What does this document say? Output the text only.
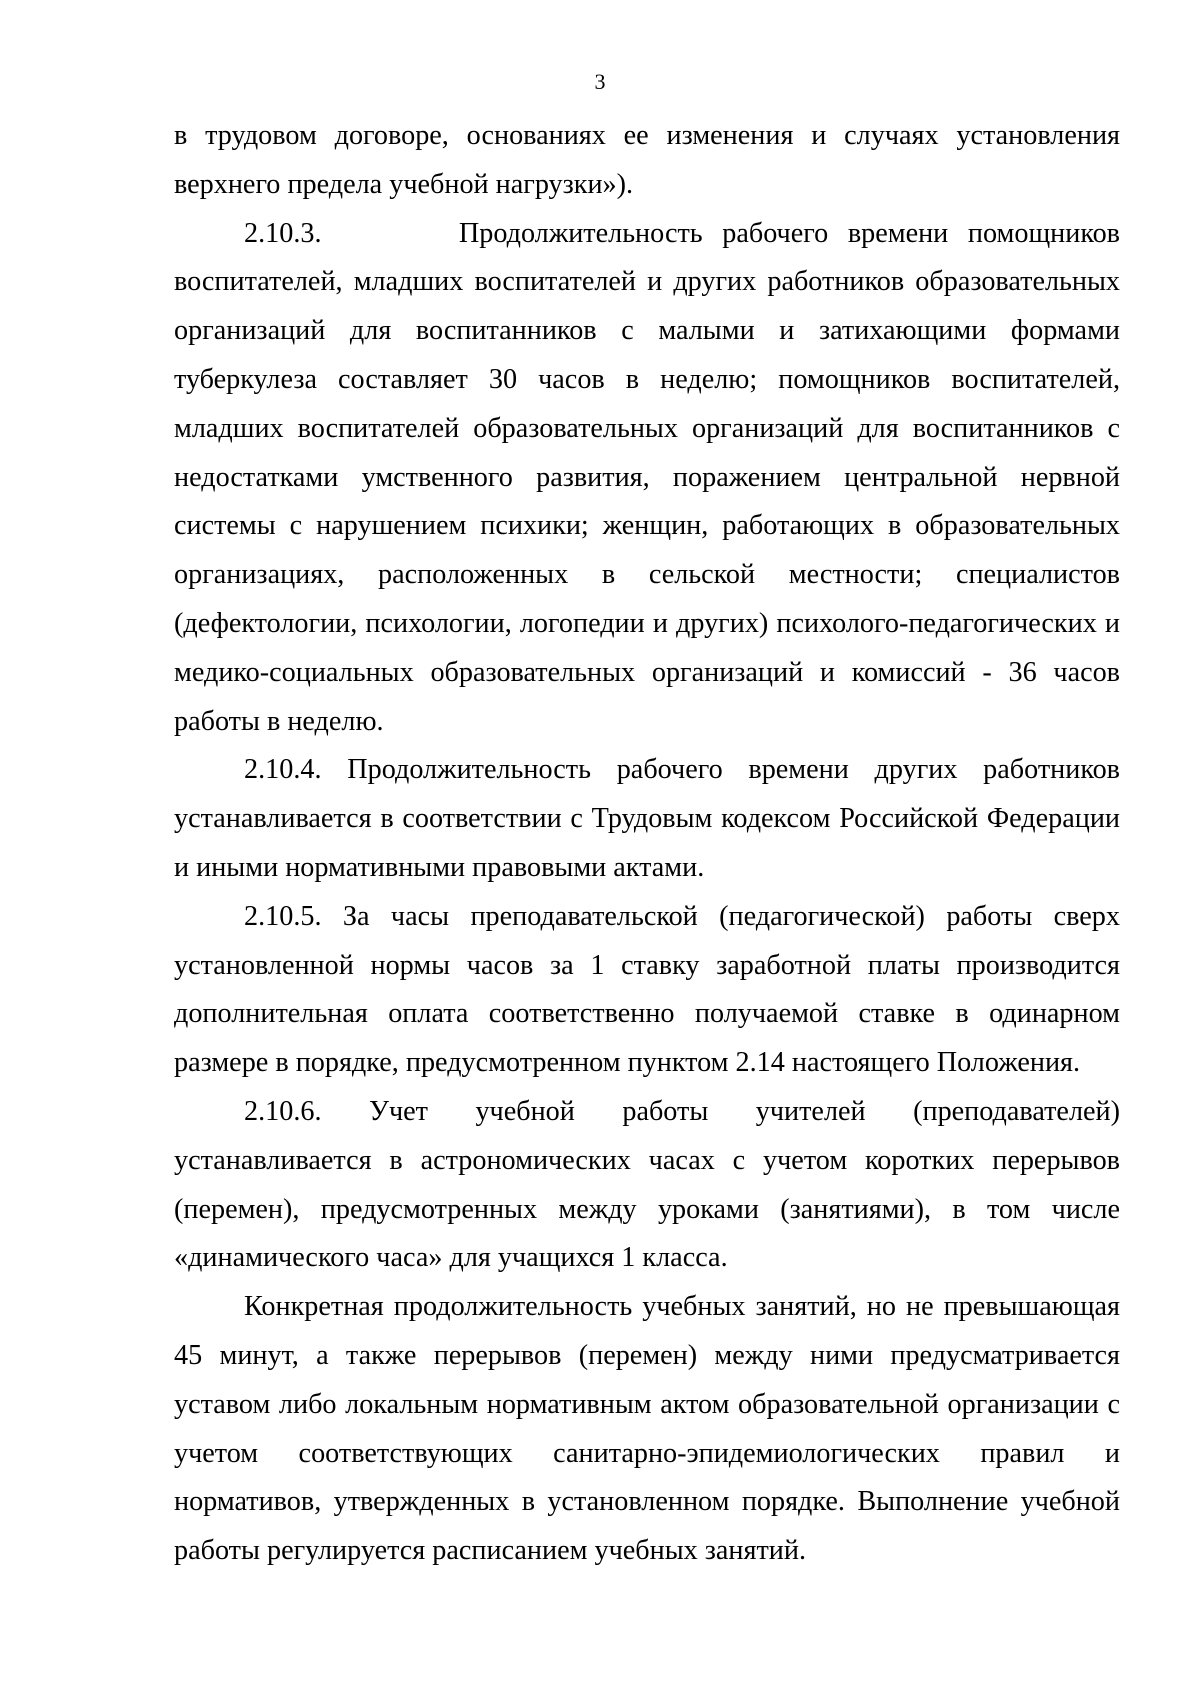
3

в трудовом договоре, основаниях ее изменения и случаях установления верхнего предела учебной нагрузки»).

2.10.3.       Продолжительность рабочего времени помощников воспитателей, младших воспитателей и других работников образовательных организаций для воспитанников с малыми и затихающими формами туберкулеза составляет 30 часов в неделю; помощников воспитателей, младших воспитателей образовательных организаций для воспитанников с недостатками умственного развития, поражением центральной нервной системы с нарушением психики; женщин, работающих в образовательных организациях, расположенных в сельской местности; специалистов (дефектологии, психологии, логопедии и других) психолого-педагогических и медико-социальных образовательных организаций и комиссий - 36 часов работы в неделю.

2.10.4. Продолжительность рабочего времени других работников устанавливается в соответствии с Трудовым кодексом Российской Федерации и иными нормативными правовыми актами.

2.10.5. За часы преподавательской (педагогической) работы сверх установленной нормы часов за 1 ставку заработной платы производится дополнительная оплата соответственно получаемой ставке в одинарном размере в порядке, предусмотренном пунктом 2.14 настоящего Положения.

2.10.6. Учет учебной работы учителей (преподавателей) устанавливается в астрономических часах с учетом коротких перерывов (перемен), предусмотренных между уроками (занятиями), в том числе «динамического часа» для учащихся 1 класса.

Конкретная продолжительность учебных занятий, но не превышающая 45 минут, а также перерывов (перемен) между ними предусматривается уставом либо локальным нормативным актом образовательной организации с учетом соответствующих санитарно-эпидемиологических правил и нормативов, утвержденных в установленном порядке. Выполнение учебной работы регулируется расписанием учебных занятий.
